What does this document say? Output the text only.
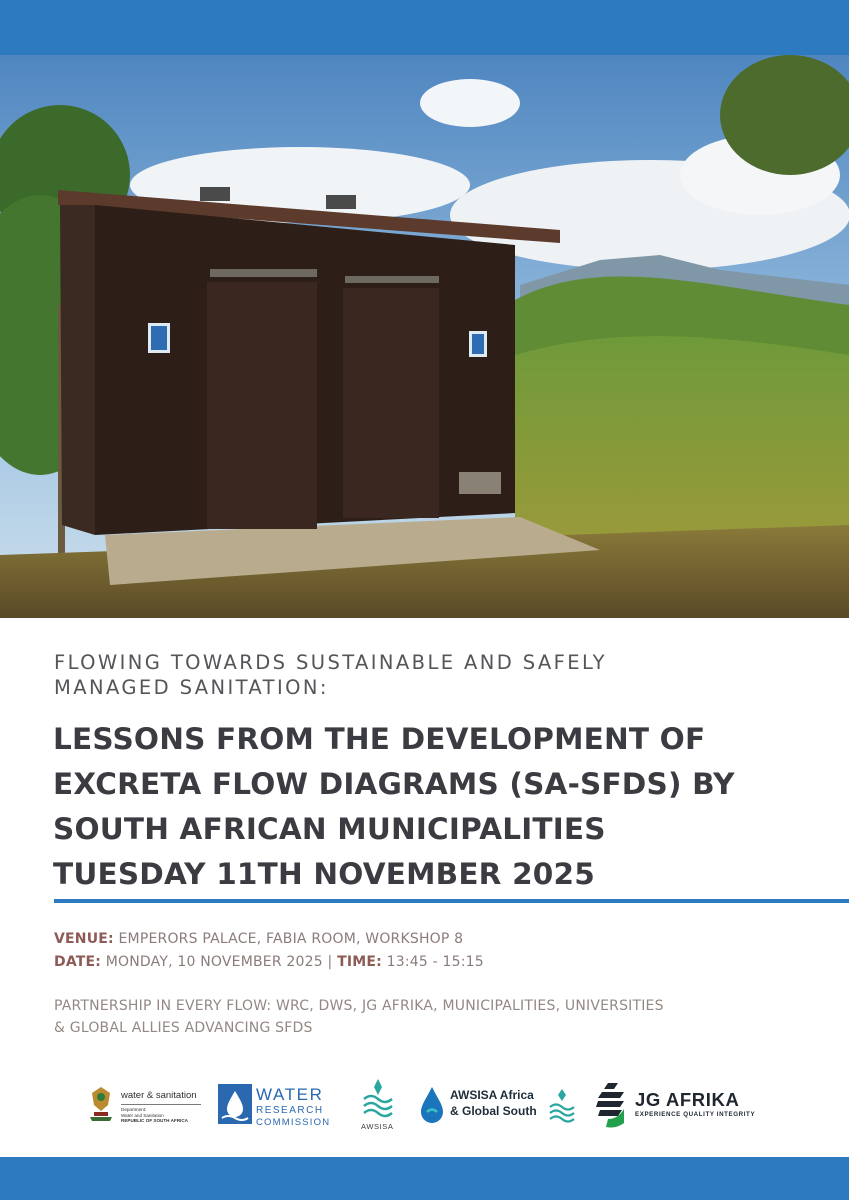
FLOWING TOWARDS SUSTAINABLE AND SAFELY
MANAGED SANITATION:
LESSONS FROM THE DEVELOPMENT OF
EXCRETA FLOW DIAGRAMS (SA-SFDS) BY
SOUTH AFRICAN MUNICIPALITIES
TUESDAY 11TH NOVEMBER 2025
VENUE: EMPERORS PALACE, FABIA ROOM, WORKSHOP 8
DATE: MONDAY, 10 NOVEMBER 2025 | TIME: 13:45 - 15:15
PARTNERSHIP IN EVERY FLOW: WRC, DWS, JG AFRIKA, MUNICIPALITIES, UNIVERSITIES
& GLOBAL ALLIES ADVANCING SFDS
water & sanitation
Department:
Water and Sanitation
REPUBLIC OF SOUTH AFRICA
WATER
RESEARCH
COMMISSION	AWSISA
AWSISA Africa
& Global South
JG AFRIKA
EXPERIENCE QUALITY INTEGRITY
